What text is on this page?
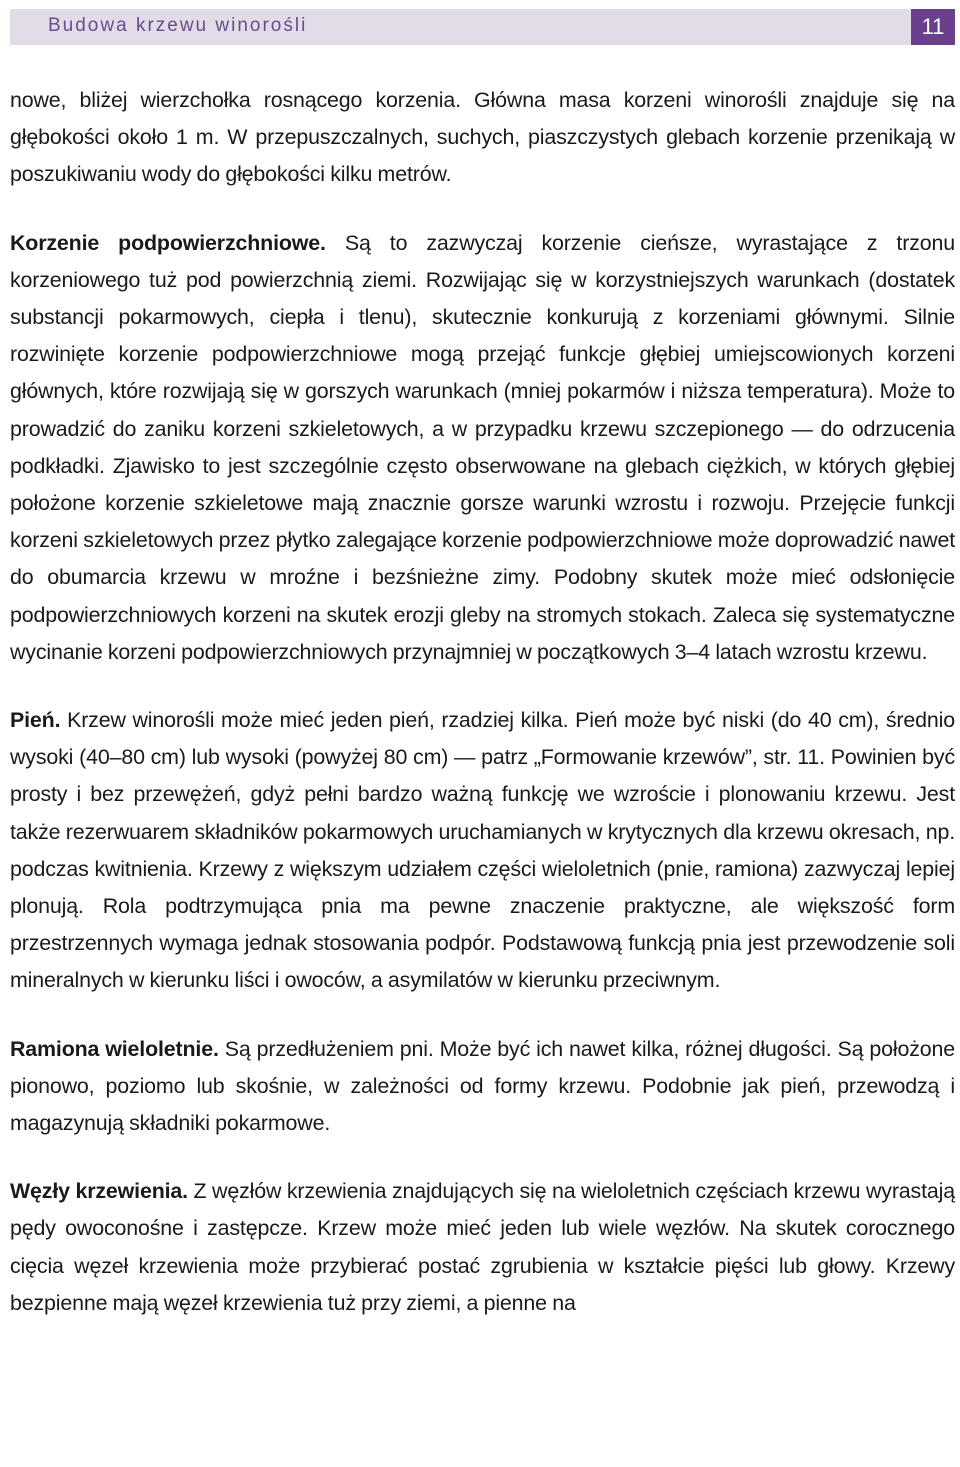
Budowa krzewu winorośli	11

nowe, bliżej wierzchołka rosnącego korzenia. Główna masa korzeni winorośli znajduje się na głębokości około 1 m. W przepuszczalnych, suchych, piaszczystych glebach korzenie przenikają w poszukiwaniu wody do głębokości kilku metrów.

Korzenie podpowierzchniowe. Są to zazwyczaj korzenie cieńsze, wyrastające z trzonu korzeniowego tuż pod powierzchnią ziemi. Rozwijając się w korzystniejszych warunkach (dostatek substancji pokarmowych, ciepła i tlenu), skutecznie konkurują z korzeniami głównymi. Silnie rozwinięte korzenie podpowierzchniowe mogą przejąć funkcje głębiej umiejscowionych korzeni głównych, które rozwijają się w gorszych warunkach (mniej pokarmów i niższa temperatura). Może to prowadzić do zaniku korzeni szkieletowych, a w przypadku krzewu szczepionego — do odrzucenia podkładki. Zjawisko to jest szczególnie często obserwowane na glebach ciężkich, w których głębiej położone korzenie szkieletowe mają znacznie gorsze warunki wzrostu i rozwoju. Przejęcie funkcji korzeni szkieletowych przez płytko zalegające korzenie podpowierzchniowe może doprowadzić nawet do obumarcia krzewu w mroźne i bezśnieżne zimy. Podobny skutek może mieć odsłonięcie podpowierzchniowych korzeni na skutek erozji gleby na stromych stokach. Zaleca się systematyczne wycinanie korzeni podpowierzchniowych przynajmniej w początkowych 3–4 latach wzrostu krzewu.

Pień. Krzew winorośli może mieć jeden pień, rzadziej kilka. Pień może być niski (do 40 cm), średnio wysoki (40–80 cm) lub wysoki (powyżej 80 cm) — patrz „Formowanie krzewów”, str. 11. Powinien być prosty i bez przewężeń, gdyż pełni bardzo ważną funkcję we wzroście i plonowaniu krzewu. Jest także rezerwuarem składników pokarmowych uruchamianych w krytycznych dla krzewu okresach, np. podczas kwitnienia. Krzewy z większym udziałem części wieloletnich (pnie, ramiona) zazwyczaj lepiej plonują. Rola podtrzymująca pnia ma pewne znaczenie praktyczne, ale większość form przestrzennych wymaga jednak stosowania podpór. Podstawową funkcją pnia jest przewodzenie soli mineralnych w kierunku liści i owoców, a asymilatów w kierunku przeciwnym.

Ramiona wieloletnie. Są przedłużeniem pni. Może być ich nawet kilka, różnej długości. Są położone pionowo, poziomo lub skośnie, w zależności od formy krzewu. Podobnie jak pień, przewodzą i magazynują składniki pokarmowe.

Węzły krzewienia. Z węzłów krzewienia znajdujących się na wieloletnich częściach krzewu wyrastają pędy owoconośne i zastępcze. Krzew może mieć jeden lub wiele węzłów. Na skutek corocznego cięcia węzeł krzewienia może przybierać postać zgrubienia w kształcie pięści lub głowy. Krzewy bezpienne mają węzeł krzewienia tuż przy ziemi, a pienne na
